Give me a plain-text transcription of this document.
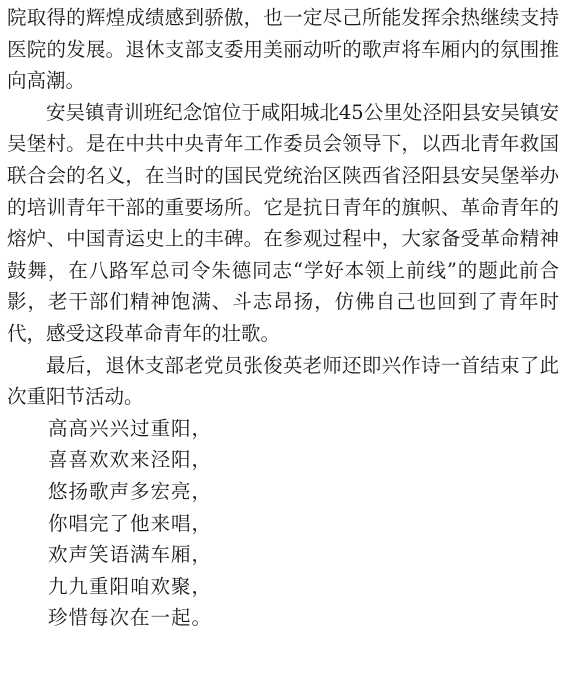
院取得的辉煌成绩感到骄傲，也一定尽己所能发挥余热继续支持医院的发展。退休支部支委用美丽动听的歌声将车厢内的氛围推向高潮。

安吴镇青训班纪念馆位于咸阳城北45公里处泾阳县安吴镇安吴堡村。是在中共中央青年工作委员会领导下，以西北青年救国联合会的名义，在当时的国民党统治区陕西省泾阳县安吴堡举办的培训青年干部的重要场所。它是抗日青年的旗帜、革命青年的熔炉、中国青运史上的丰碑。在参观过程中，大家备受革命精神鼓舞，在八路军总司令朱德同志“学好本领上前线”的题此前合影，老干部们精神饱满、斗志昂扬，仿佛自己也回到了青年时代，感受这段革命青年的壮歌。

最后，退休支部老党员张俊英老师还即兴作诗一首结束了此次重阳节活动。

高高兴兴过重阳，
喜喜欢欢来泾阳，
悠扬歌声多宏亮，
你唱完了他来唱，
欢声笑语满车厢，
九九重阳咱欢聚，
珍惜每次在一起。
